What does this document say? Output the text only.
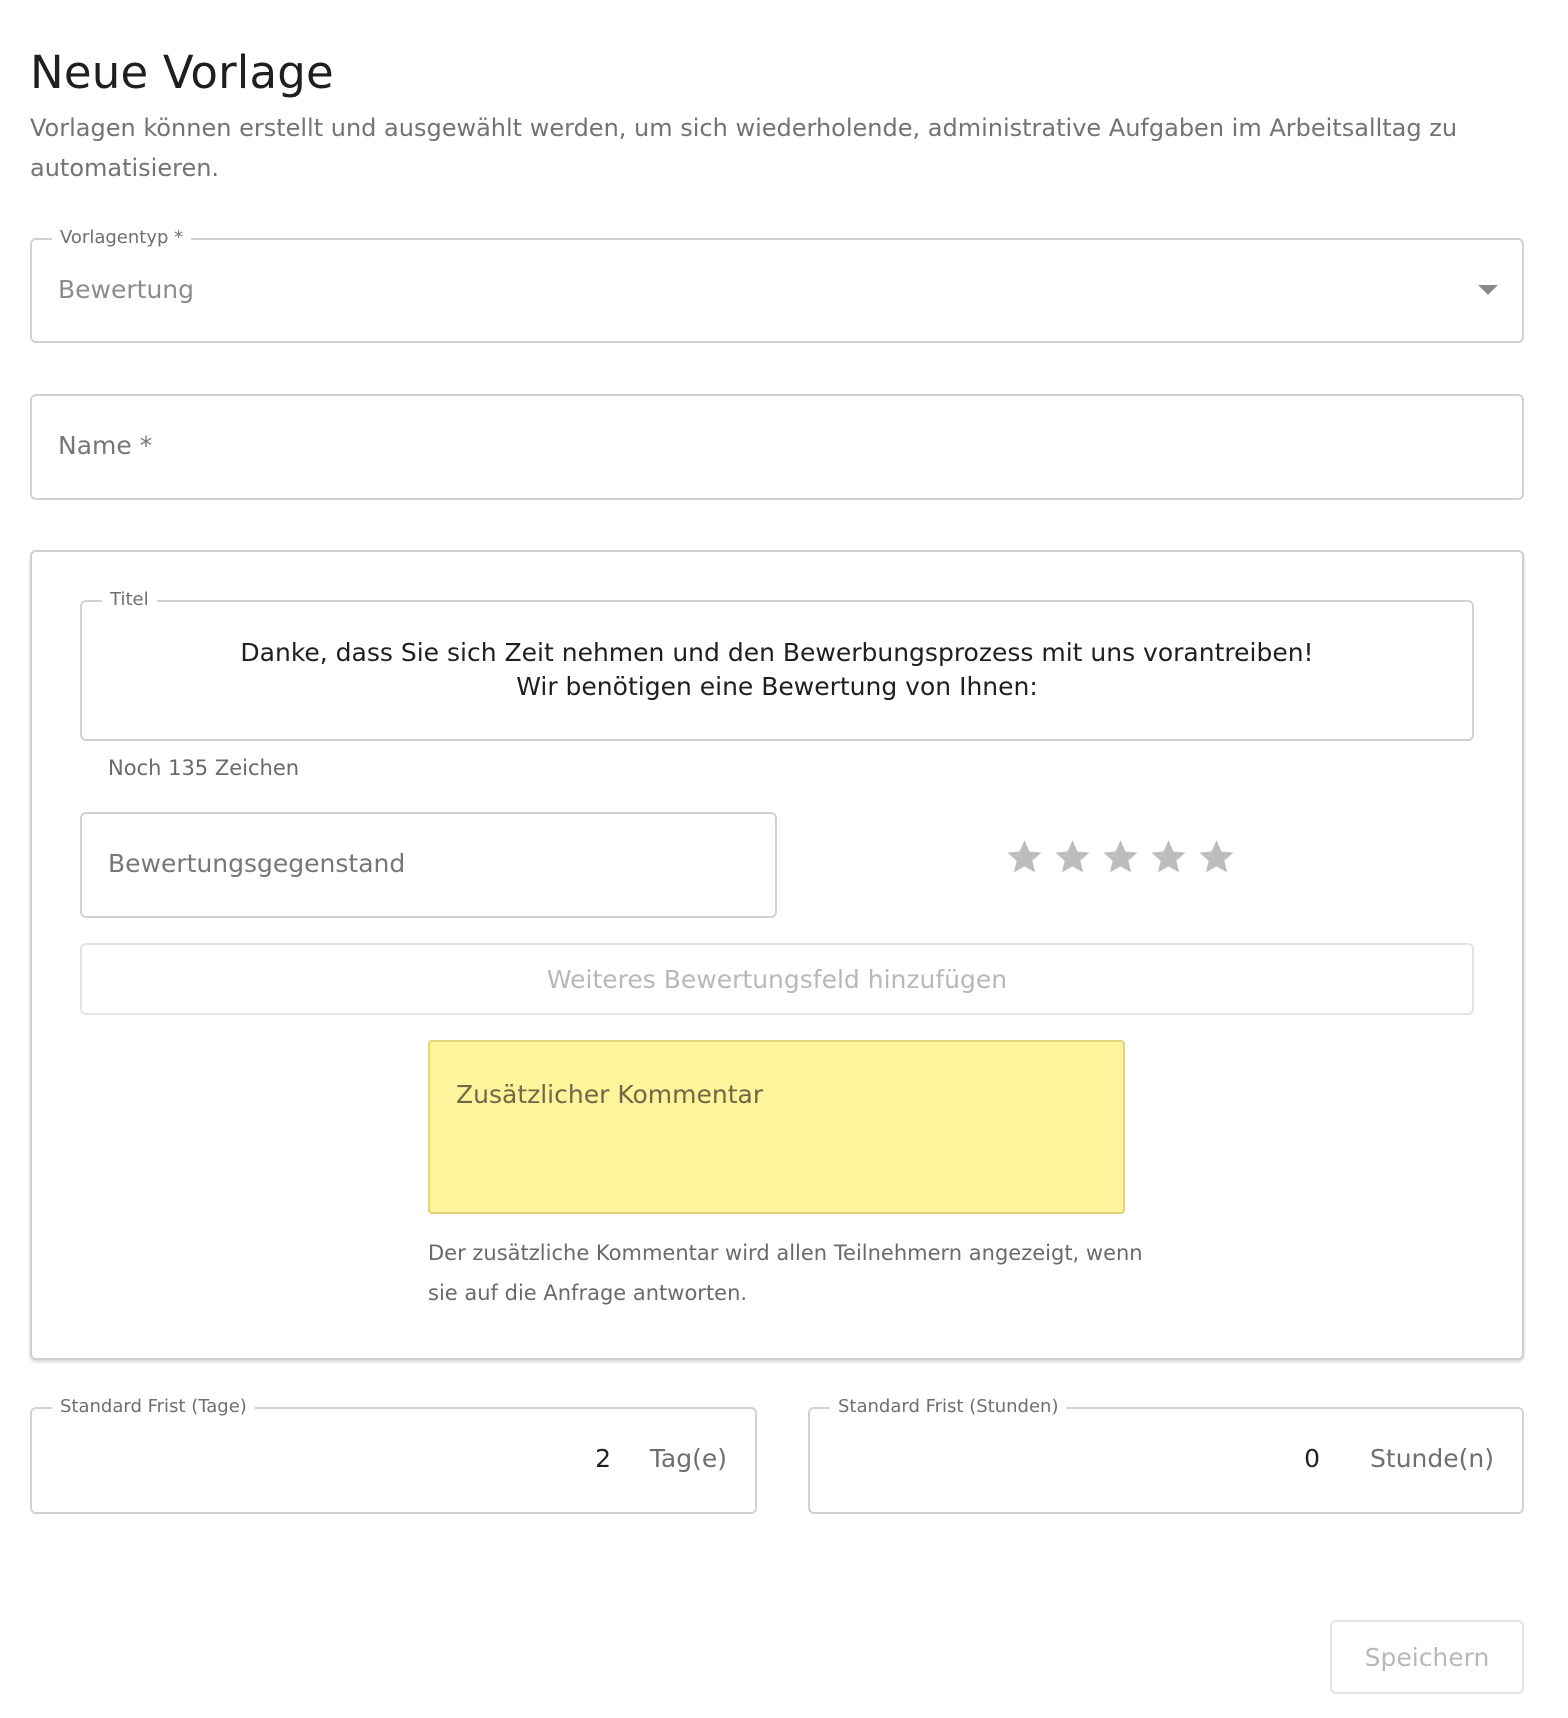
Neue Vorlage

Vorlagen können erstellt und ausgewählt werden, um sich wiederholende, administrative Aufgaben im Arbeitsalltag zu automatisieren.

Vorlagentyp *
Bewertung
Name *
Titel
Danke, dass Sie sich Zeit nehmen und den Bewerbungsprozess mit uns vorantreiben!
Wir benötigen eine Bewertung von Ihnen:
Noch 135 Zeichen
Bewertungsgegenstand
Weiteres Bewertungsfeld hinzufügen
Zusätzlicher Kommentar
Der zusätzliche Kommentar wird allen Teilnehmern angezeigt, wenn sie auf die Anfrage antworten.
Standard Frist (Tage)
2 Tag(e)
Standard Frist (Stunden)
0 Stunde(n)
Speichern
